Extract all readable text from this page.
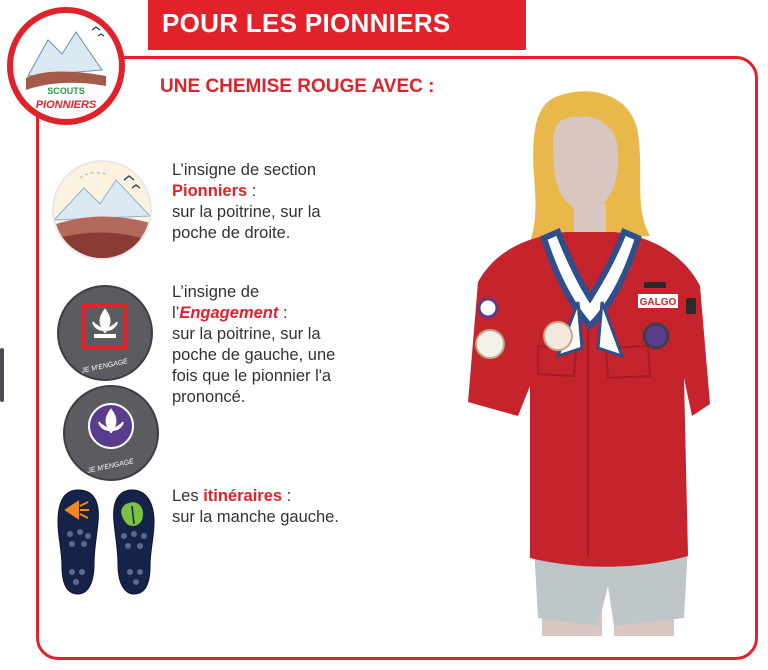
POUR LES PIONNIERS
UNE CHEMISE ROUGE AVEC :
SCOUTS
PIONNIERS
JE M'ENGAGE
JE M'ENGAGE
L’insigne de section
Pionniers :
sur la poitrine, sur la
poche de droite.
L’insigne de
l’Engagement :
sur la poitrine, sur la
poche de gauche, une
fois que le pionnier l'a
prononcé.
Les itinéraires :
sur la manche gauche.
GALGO
